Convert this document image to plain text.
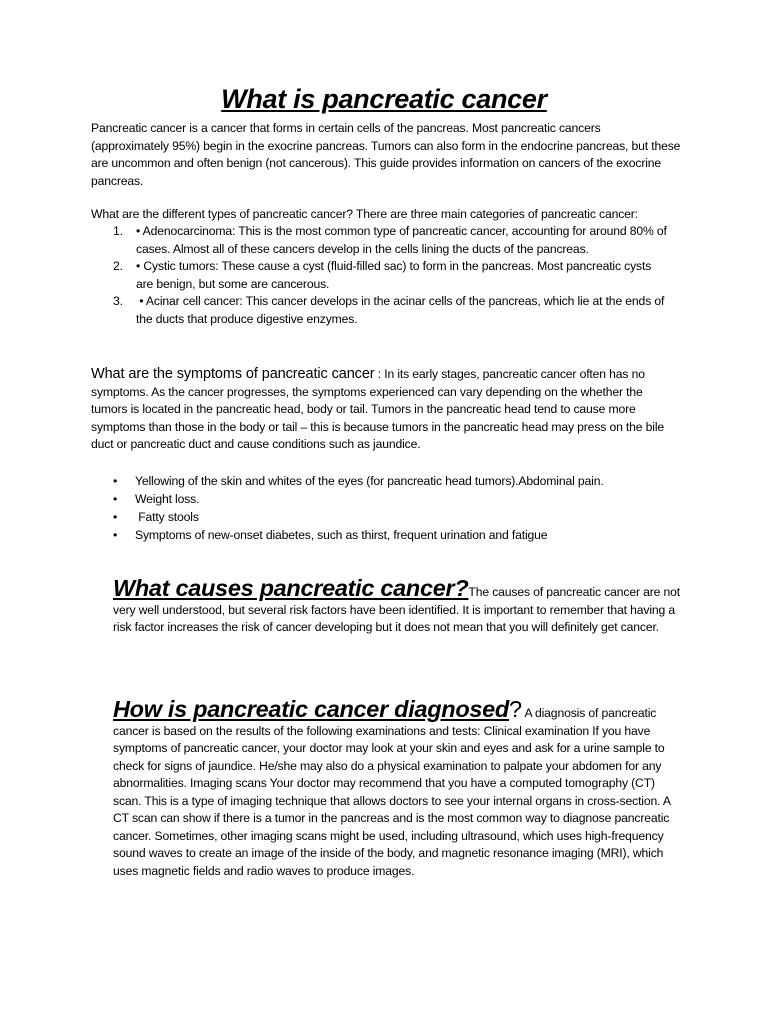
What is pancreatic cancer

Pancreatic cancer is a cancer that forms in certain cells of the pancreas. Most pancreatic cancers (approximately 95%) begin in the exocrine pancreas. Tumors can also form in the endocrine pancreas, but these are uncommon and often benign (not cancerous). This guide provides information on cancers of the exocrine pancreas.

What are the different types of pancreatic cancer? There are three main categories of pancreatic cancer:

1. • Adenocarcinoma: This is the most common type of pancreatic cancer, accounting for around 80% of cases. Almost all of these cancers develop in the cells lining the ducts of the pancreas.
2. • Cystic tumors: These cause a cyst (fluid-filled sac) to form in the pancreas. Most pancreatic cysts are benign, but some are cancerous.
3. • Acinar cell cancer: This cancer develops in the acinar cells of the pancreas, which lie at the ends of the ducts that produce digestive enzymes.

What are the symptoms of pancreatic cancer : In its early stages, pancreatic cancer often has no symptoms. As the cancer progresses, the symptoms experienced can vary depending on the whether the tumors is located in the pancreatic head, body or tail. Tumors in the pancreatic head tend to cause more symptoms than those in the body or tail – this is because tumors in the pancreatic head may press on the bile duct or pancreatic duct and cause conditions such as jaundice.

• Yellowing of the skin and whites of the eyes (for pancreatic head tumors).Abdominal pain.
• Weight loss.
• Fatty stools
• Symptoms of new-onset diabetes, such as thirst, frequent urination and fatigue

What causes pancreatic cancer?The causes of pancreatic cancer are not very well understood, but several risk factors have been identified. It is important to remember that having a risk factor increases the risk of cancer developing but it does not mean that you will definitely get cancer.

How is pancreatic cancer diagnosed? A diagnosis of pancreatic cancer is based on the results of the following examinations and tests: Clinical examination If you have symptoms of pancreatic cancer, your doctor may look at your skin and eyes and ask for a urine sample to check for signs of jaundice. He/she may also do a physical examination to palpate your abdomen for any abnormalities. Imaging scans Your doctor may recommend that you have a computed tomography (CT) scan. This is a type of imaging technique that allows doctors to see your internal organs in cross-section. A CT scan can show if there is a tumor in the pancreas and is the most common way to diagnose pancreatic cancer. Sometimes, other imaging scans might be used, including ultrasound, which uses high-frequency sound waves to create an image of the inside of the body, and magnetic resonance imaging (MRI), which uses magnetic fields and radio waves to produce images.
